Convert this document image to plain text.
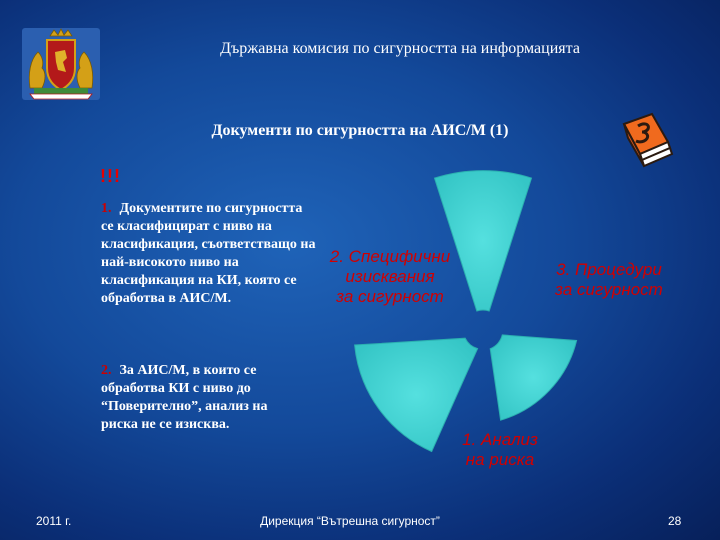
Държавна комисия по сигурността на информацията
Документи по сигурността на АИС/М (1)
!!!
1. Документите по сигурността се класифицират с ниво на класификация, съответстващо на най-високото ниво на класификация на КИ, която се обработва в АИС/М.
2. За АИС/М, в които се обработва КИ с ниво до “Поверително”, анализ на риска не се изисква.
2. Специфични
изисквания
за сигурност
3. Процедури
за сигурност
1. Анализ
на риска
2011 г.	Дирекция “Вътрешна сигурност”	28
